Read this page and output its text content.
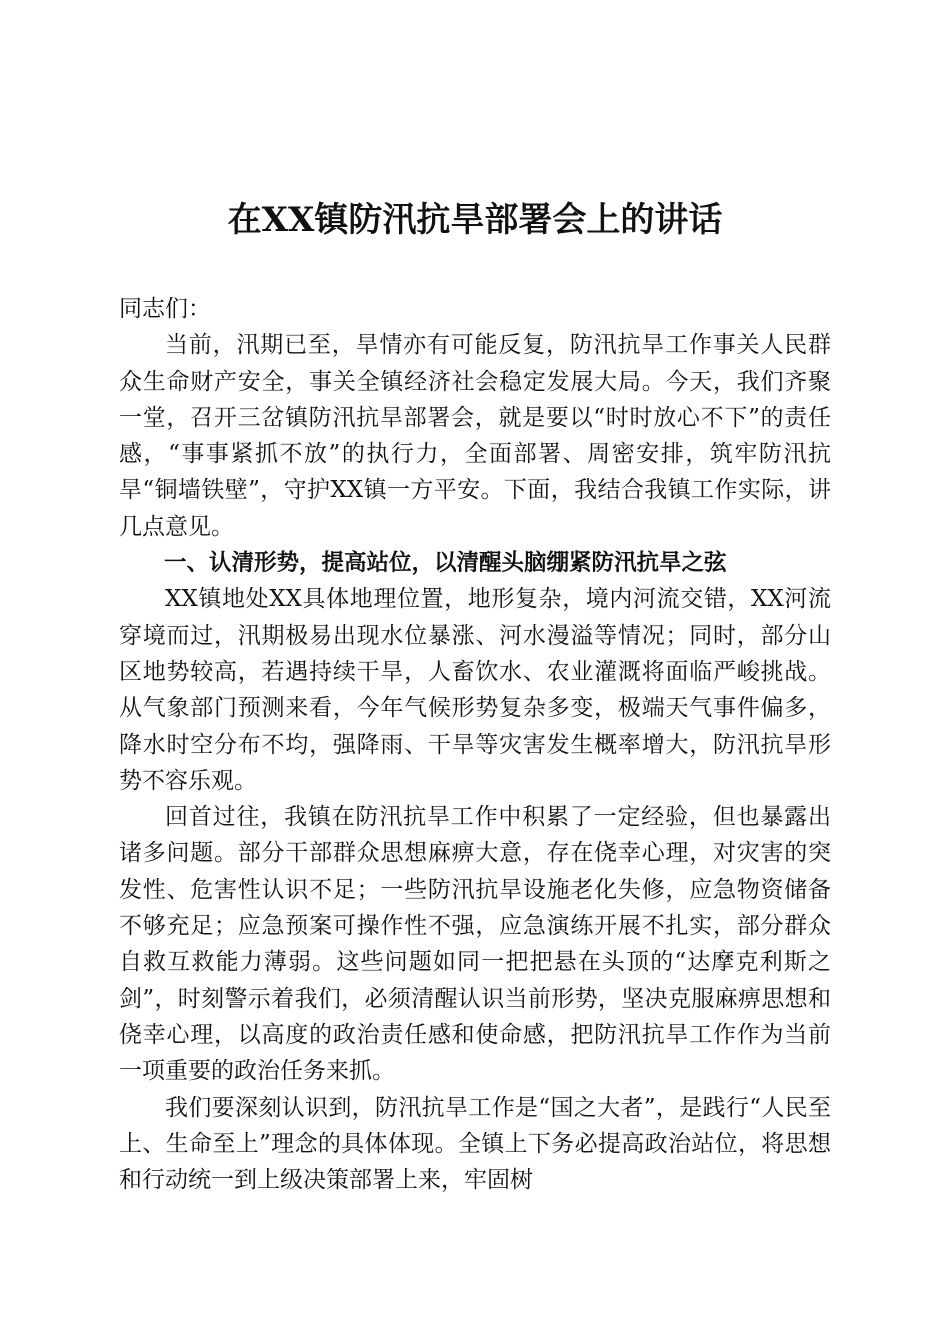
在XX镇防汛抗旱部署会上的讲话

同志们：

当前，汛期已至，旱情亦有可能反复，防汛抗旱工作事关人民群众生命财产安全，事关全镇经济社会稳定发展大局。今天，我们齐聚一堂，召开三岔镇防汛抗旱部署会，就是要以“时时放心不下”的责任感，“事事紧抓不放”的执行力，全面部署、周密安排，筑牢防汛抗旱“铜墙铁壁”，守护XX镇一方平安。下面，我结合我镇工作实际，讲几点意见。

一、认清形势，提高站位，以清醒头脑绷紧防汛抗旱之弦

XX镇地处XX具体地理位置，地形复杂，境内河流交错，XX河流穿境而过，汛期极易出现水位暴涨、河水漫溢等情况；同时，部分山区地势较高，若遇持续干旱，人畜饮水、农业灌溉将面临严峻挑战。从气象部门预测来看，今年气候形势复杂多变，极端天气事件偏多，降水时空分布不均，强降雨、干旱等灾害发生概率增大，防汛抗旱形势不容乐观。

回首过往，我镇在防汛抗旱工作中积累了一定经验，但也暴露出诸多问题。部分干部群众思想麻痹大意，存在侥幸心理，对灾害的突发性、危害性认识不足；一些防汛抗旱设施老化失修，应急物资储备不够充足；应急预案可操作性不强，应急演练开展不扎实，部分群众自救互救能力薄弱。这些问题如同一把把悬在头顶的“达摩克利斯之剑”，时刻警示着我们，必须清醒认识当前形势，坚决克服麻痹思想和侥幸心理，以高度的政治责任感和使命感，把防汛抗旱工作作为当前一项重要的政治任务来抓。

我们要深刻认识到，防汛抗旱工作是“国之大者”，是践行“人民至上、生命至上”理念的具体体现。全镇上下务必提高政治站位，将思想和行动统一到上级决策部署上来，牢固树
